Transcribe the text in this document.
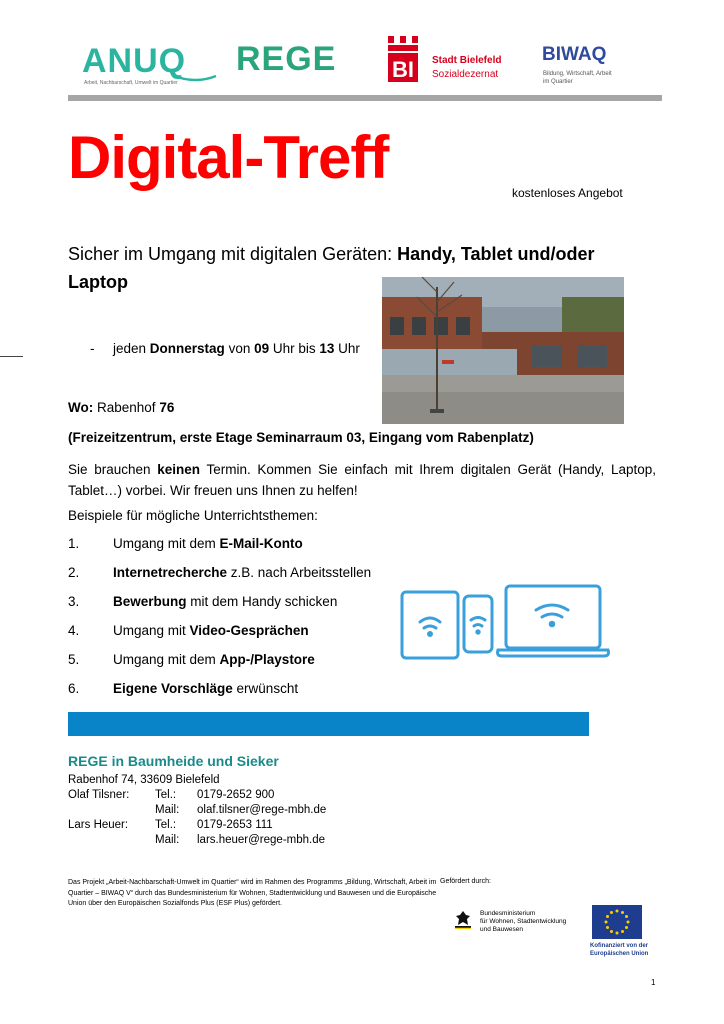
ANUQ
Arbeit, Nachbarschaft, Umwelt im Quartier
REGE	BI Stadt Bielefeld
Sozialdezernat
BIWAQ
Bildung, Wirtschaft, Arbeit
im Quartier
Digital-Treff
kostenloses Angebot
Sicher im Umgang mit digitalen Geräten: Handy, Tablet und/oder
Laptop
- jeden Donnerstag von 09 Uhr bis 13 Uhr
Wo: Rabenhof 76
(Freizeitzentrum, erste Etage Seminarraum 03, Eingang vom Rabenplatz)
Sie brauchen keinen Termin. Kommen Sie einfach mit Ihrem digitalen Gerät (Handy, Laptop, Tablet…) vorbei. Wir freuen uns Ihnen zu helfen!
Beispiele für mögliche Unterrichtsthemen:
1. Umgang mit dem E-Mail-Konto
2. Internetrecherche z.B. nach Arbeitsstellen
3. Bewerbung mit dem Handy schicken
4. Umgang mit Video-Gesprächen
5. Umgang mit dem App-/Playstore
6. Eigene Vorschläge erwünscht
REGE in Baumheide und Sieker
Rabenhof 74, 33609 Bielefeld
Olaf Tilsner: Tel.: 0179-2652 900
Mail: olaf.tilsner@rege-mbh.de
Lars Heuer: Tel.: 0179-2653 111
Mail: lars.heuer@rege-mbh.de
Das Projekt „Arbeit-Nachbarschaft-Umwelt im Quartier“ wird im Rahmen des Programms „Bildung, Wirtschaft, Arbeit im Quartier – BIWAQ V“ durch das Bundesministerium für Wohnen, Stadtentwicklung und Bauwesen und die Europäische Union über den Europäischen Sozialfonds Plus (ESF Plus) gefördert.
Gefördert durch:
Bundesministerium
für Wohnen, Stadtentwicklung
und Bauwesen
Kofinanziert von der
Europäischen Union
1
